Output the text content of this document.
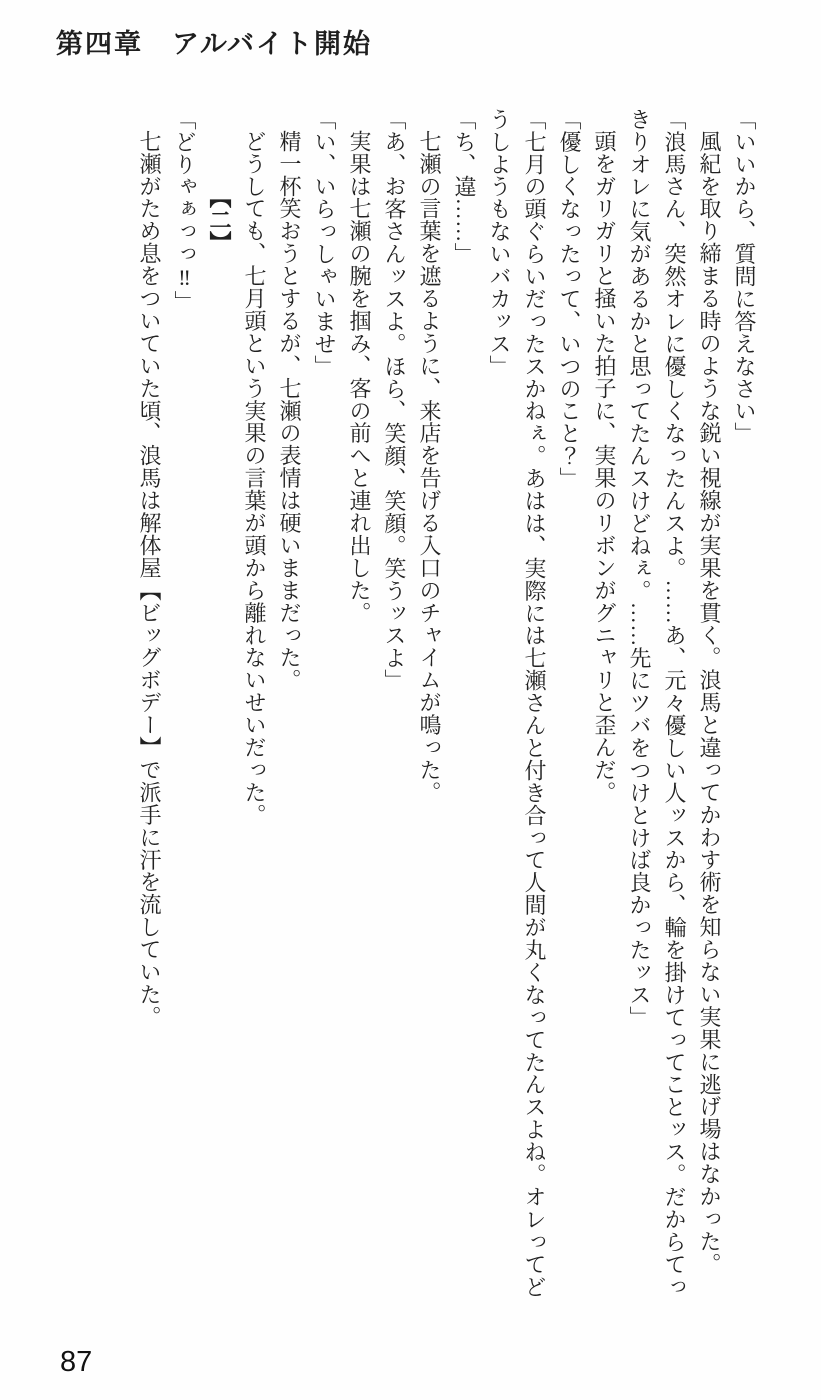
第四章　アルバイト開始

「いいから、質問に答えなさい」

風紀を取り締まる時のような鋭い視線が実果を貫く。浪馬と違ってかわす術を知らない実果に逃げ場はなかった。

「浪馬さん、突然オレに優しくなったんスよ。……あ、元々優しい人ッスから、輪を掛けてってことッス。だからてっきりオレに気があるかと思ってたんスけどねぇ。……先にツバをつけとけば良かったッス」

頭をガリガリと掻いた拍子に、実果のリボンがグニャリと歪んだ。

「優しくなったって、いつのこと？」

「七月の頭ぐらいだったスかねぇ。あはは、実際には七瀬さんと付き合って人間が丸くなってたんスよね。オレってどうしようもないバカッス」

「ち、違……」

七瀬の言葉を遮るように、来店を告げる入口のチャイムが鳴った。

「あ、お客さんッスよ。ほら、笑顔、笑顔。笑うッスよ」

実果は七瀬の腕を掴み、客の前へと連れ出した。

「い、いらっしゃいませ」

精一杯笑おうとするが、七瀬の表情は硬いままだった。

どうしても、七月頭という実果の言葉が頭から離れないせいだった。

【二】

「どりゃぁっっ‼」

七瀬がため息をついていた頃、浪馬は解体屋【ビッグボデー】で派手に汗を流していた。

87
